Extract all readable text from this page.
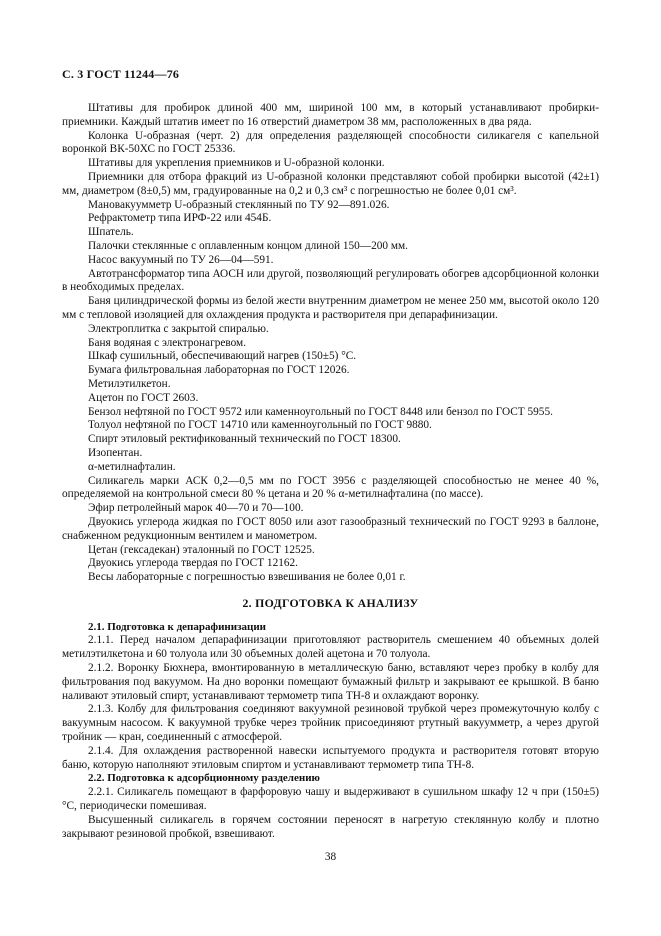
С. 3 ГОСТ 11244—76

Штативы для пробирок длиной 400 мм, шириной 100 мм, в который устанавливают пробирки-приемники. Каждый штатив имеет по 16 отверстий диаметром 38 мм, расположенных в два ряда.

Колонка U-образная (черт. 2) для определения разделяющей способности силикагеля с капельной воронкой ВК-50ХС по ГОСТ 25336.

Штативы для укрепления приемников и U-образной колонки.

Приемники для отбора фракций из U-образной колонки представляют собой пробирки высотой (42±1) мм, диаметром (8±0,5) мм, градуированные на 0,2 и 0,3 см³ с погрешностью не более 0,01 см³.

Мановакуумметр U-образный стеклянный по ТУ 92—891.026.

Рефрактометр типа ИРФ-22 или 454Б.

Шпатель.

Палочки стеклянные с оплавленным концом длиной 150—200 мм.

Насос вакуумный по ТУ 26—04—591.

Автотрансформатор типа АОСН или другой, позволяющий регулировать обогрев адсорбционной колонки в необходимых пределах.

Баня цилиндрической формы из белой жести внутренним диаметром не менее 250 мм, высотой около 120 мм с тепловой изоляцией для охлаждения продукта и растворителя при депарафинизации.

Электроплитка с закрытой спиралью.

Баня водяная с электронагревом.

Шкаф сушильный, обеспечивающий нагрев (150±5) °С.

Бумага фильтровальная лабораторная по ГОСТ 12026.

Метилэтилкетон.

Ацетон по ГОСТ 2603.

Бензол нефтяной по ГОСТ 9572 или каменноугольный по ГОСТ 8448 или бензол по ГОСТ 5955.

Толуол нефтяной по ГОСТ 14710 или каменноугольный по ГОСТ 9880.

Спирт этиловый ректификованный технический по ГОСТ 18300.

Изопентан.

α-метилнафталин.

Силикагель марки АСК 0,2—0,5 мм по ГОСТ 3956 с разделяющей способностью не менее 40 %, определяемой на контрольной смеси 80 % цетана и 20 % α-метилнафталина (по массе).

Эфир петролейный марок 40—70 и 70—100.

Двуокись углерода жидкая по ГОСТ 8050 или азот газообразный технический по ГОСТ 9293 в баллоне, снабженном редукционным вентилем и манометром.

Цетан (гексадекан) эталонный по ГОСТ 12525.

Двуокись углерода твердая по ГОСТ 12162.

Весы лабораторные с погрешностью взвешивания не более 0,01 г.

2. ПОДГОТОВКА К АНАЛИЗУ

2.1. Подготовка к депарафинизации

2.1.1. Перед началом депарафинизации приготовляют растворитель смешением 40 объемных долей метилэтилкетона и 60 толуола или 30 объемных долей ацетона и 70 толуола.

2.1.2. Воронку Бюхнера, вмонтированную в металлическую баню, вставляют через пробку в колбу для фильтрования под вакуумом. На дно воронки помещают бумажный фильтр и закрывают ее крышкой. В баню наливают этиловый спирт, устанавливают термометр типа ТН-8 и охлаждают воронку.

2.1.3. Колбу для фильтрования соединяют вакуумной резиновой трубкой через промежуточную колбу с вакуумным насосом. К вакуумной трубке через тройник присоединяют ртутный вакуумметр, а через другой тройник — кран, соединенный с атмосферой.

2.1.4. Для охлаждения растворенной навески испытуемого продукта и растворителя готовят вторую баню, которую наполняют этиловым спиртом и устанавливают термометр типа ТН-8.

2.2. Подготовка к адсорбционному разделению

2.2.1. Силикагель помещают в фарфоровую чашу и выдерживают в сушильном шкафу 12 ч при (150±5) °С, периодически помешивая.

Высушенный силикагель в горячем состоянии переносят в нагретую стеклянную колбу и плотно закрывают резиновой пробкой, взвешивают.

38
